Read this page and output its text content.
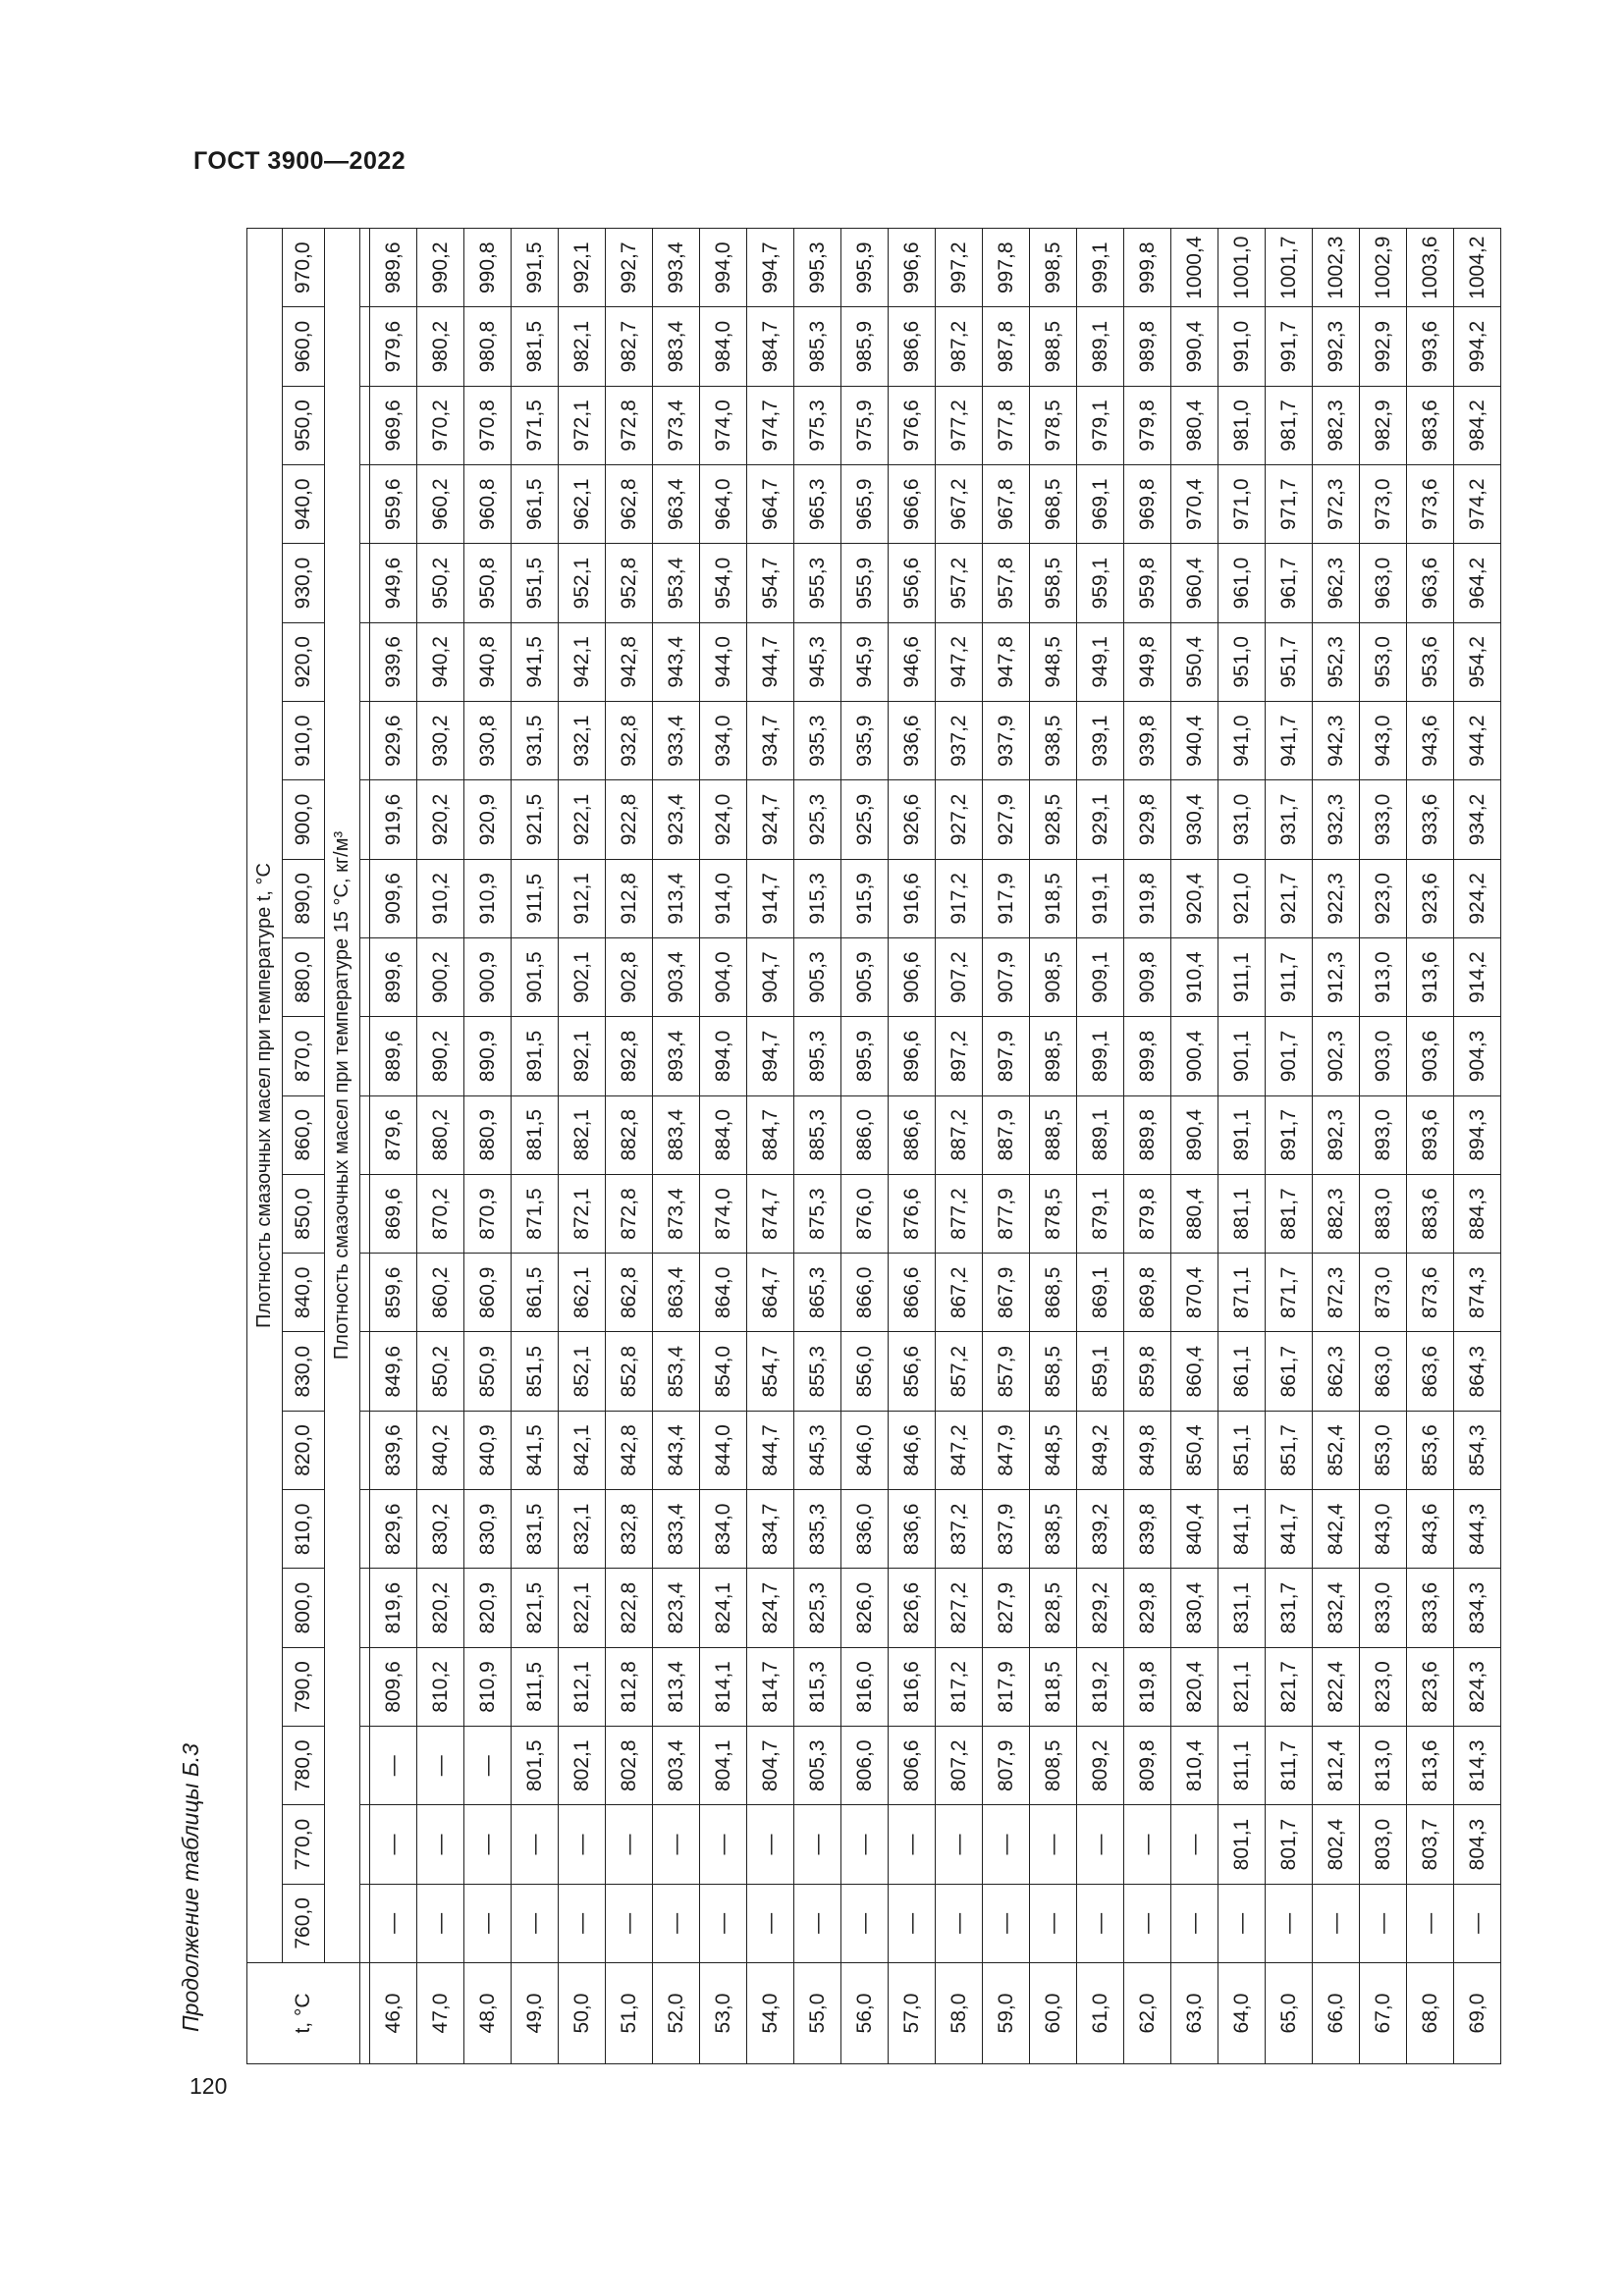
ГОСТ 3900—2022
120
Продолжение таблицы Б.3	t, °C	Плотность смазочных масел при температуре t, °C																					
	760,0	770,0	780,0	790,0	800,0	810,0	820,0	830,0	840,0	850,0	860,0	870,0	880,0	890,0	900,0	910,0	920,0	930,0	940,0	950,0	960,0	970,0
	Плотность смазочных масел при температуре 15 °C, кг/м³																					

46,0	—	—	—	809,6	819,6	829,6	839,6	849,6	859,6	869,6	879,6	889,6	899,6	909,6	919,6	929,6	939,6	949,6	959,6	969,6	979,6	989,6
47,0	—	—	—	810,2	820,2	830,2	840,2	850,2	860,2	870,2	880,2	890,2	900,2	910,2	920,2	930,2	940,2	950,2	960,2	970,2	980,2	990,2
48,0	—	—	—	810,9	820,9	830,9	840,9	850,9	860,9	870,9	880,9	890,9	900,9	910,9	920,9	930,8	940,8	950,8	960,8	970,8	980,8	990,8
49,0	—	—	801,5	811,5	821,5	831,5	841,5	851,5	861,5	871,5	881,5	891,5	901,5	911,5	921,5	931,5	941,5	951,5	961,5	971,5	981,5	991,5
50,0	—	—	802,1	812,1	822,1	832,1	842,1	852,1	862,1	872,1	882,1	892,1	902,1	912,1	922,1	932,1	942,1	952,1	962,1	972,1	982,1	992,1
51,0	—	—	802,8	812,8	822,8	832,8	842,8	852,8	862,8	872,8	882,8	892,8	902,8	912,8	922,8	932,8	942,8	952,8	962,8	972,8	982,7	992,7
52,0	—	—	803,4	813,4	823,4	833,4	843,4	853,4	863,4	873,4	883,4	893,4	903,4	913,4	923,4	933,4	943,4	953,4	963,4	973,4	983,4	993,4
53,0	—	—	804,1	814,1	824,1	834,0	844,0	854,0	864,0	874,0	884,0	894,0	904,0	914,0	924,0	934,0	944,0	954,0	964,0	974,0	984,0	994,0
54,0	—	—	804,7	814,7	824,7	834,7	844,7	854,7	864,7	874,7	884,7	894,7	904,7	914,7	924,7	934,7	944,7	954,7	964,7	974,7	984,7	994,7
55,0	—	—	805,3	815,3	825,3	835,3	845,3	855,3	865,3	875,3	885,3	895,3	905,3	915,3	925,3	935,3	945,3	955,3	965,3	975,3	985,3	995,3
56,0	—	—	806,0	816,0	826,0	836,0	846,0	856,0	866,0	876,0	886,0	895,9	905,9	915,9	925,9	935,9	945,9	955,9	965,9	975,9	985,9	995,9
57,0	—	—	806,6	816,6	826,6	836,6	846,6	856,6	866,6	876,6	886,6	896,6	906,6	916,6	926,6	936,6	946,6	956,6	966,6	976,6	986,6	996,6
58,0	—	—	807,2	817,2	827,2	837,2	847,2	857,2	867,2	877,2	887,2	897,2	907,2	917,2	927,2	937,2	947,2	957,2	967,2	977,2	987,2	997,2
59,0	—	—	807,9	817,9	827,9	837,9	847,9	857,9	867,9	877,9	887,9	897,9	907,9	917,9	927,9	937,9	947,8	957,8	967,8	977,8	987,8	997,8
60,0	—	—	808,5	818,5	828,5	838,5	848,5	858,5	868,5	878,5	888,5	898,5	908,5	918,5	928,5	938,5	948,5	958,5	968,5	978,5	988,5	998,5
61,0	—	—	809,2	819,2	829,2	839,2	849,2	859,1	869,1	879,1	889,1	899,1	909,1	919,1	929,1	939,1	949,1	959,1	969,1	979,1	989,1	999,1
62,0	—	—	809,8	819,8	829,8	839,8	849,8	859,8	869,8	879,8	889,8	899,8	909,8	919,8	929,8	939,8	949,8	959,8	969,8	979,8	989,8	999,8
63,0	—	—	810,4	820,4	830,4	840,4	850,4	860,4	870,4	880,4	890,4	900,4	910,4	920,4	930,4	940,4	950,4	960,4	970,4	980,4	990,4	1000,4
64,0	—	801,1	811,1	821,1	831,1	841,1	851,1	861,1	871,1	881,1	891,1	901,1	911,1	921,0	931,0	941,0	951,0	961,0	971,0	981,0	991,0	1001,0
65,0	—	801,7	811,7	821,7	831,7	841,7	851,7	861,7	871,7	881,7	891,7	901,7	911,7	921,7	931,7	941,7	951,7	961,7	971,7	981,7	991,7	1001,7
66,0	—	802,4	812,4	822,4	832,4	842,4	852,4	862,3	872,3	882,3	892,3	902,3	912,3	922,3	932,3	942,3	952,3	962,3	972,3	982,3	992,3	1002,3
67,0	—	803,0	813,0	823,0	833,0	843,0	853,0	863,0	873,0	883,0	893,0	903,0	913,0	923,0	933,0	943,0	953,0	963,0	973,0	982,9	992,9	1002,9
68,0	—	803,7	813,6	823,6	833,6	843,6	853,6	863,6	873,6	883,6	893,6	903,6	913,6	923,6	933,6	943,6	953,6	963,6	973,6	983,6	993,6	1003,6
69,0	—	804,3	814,3	824,3	834,3	844,3	854,3	864,3	874,3	884,3	894,3	904,3	914,2	924,2	934,2	944,2	954,2	964,2	974,2	984,2	994,2	1004,2
